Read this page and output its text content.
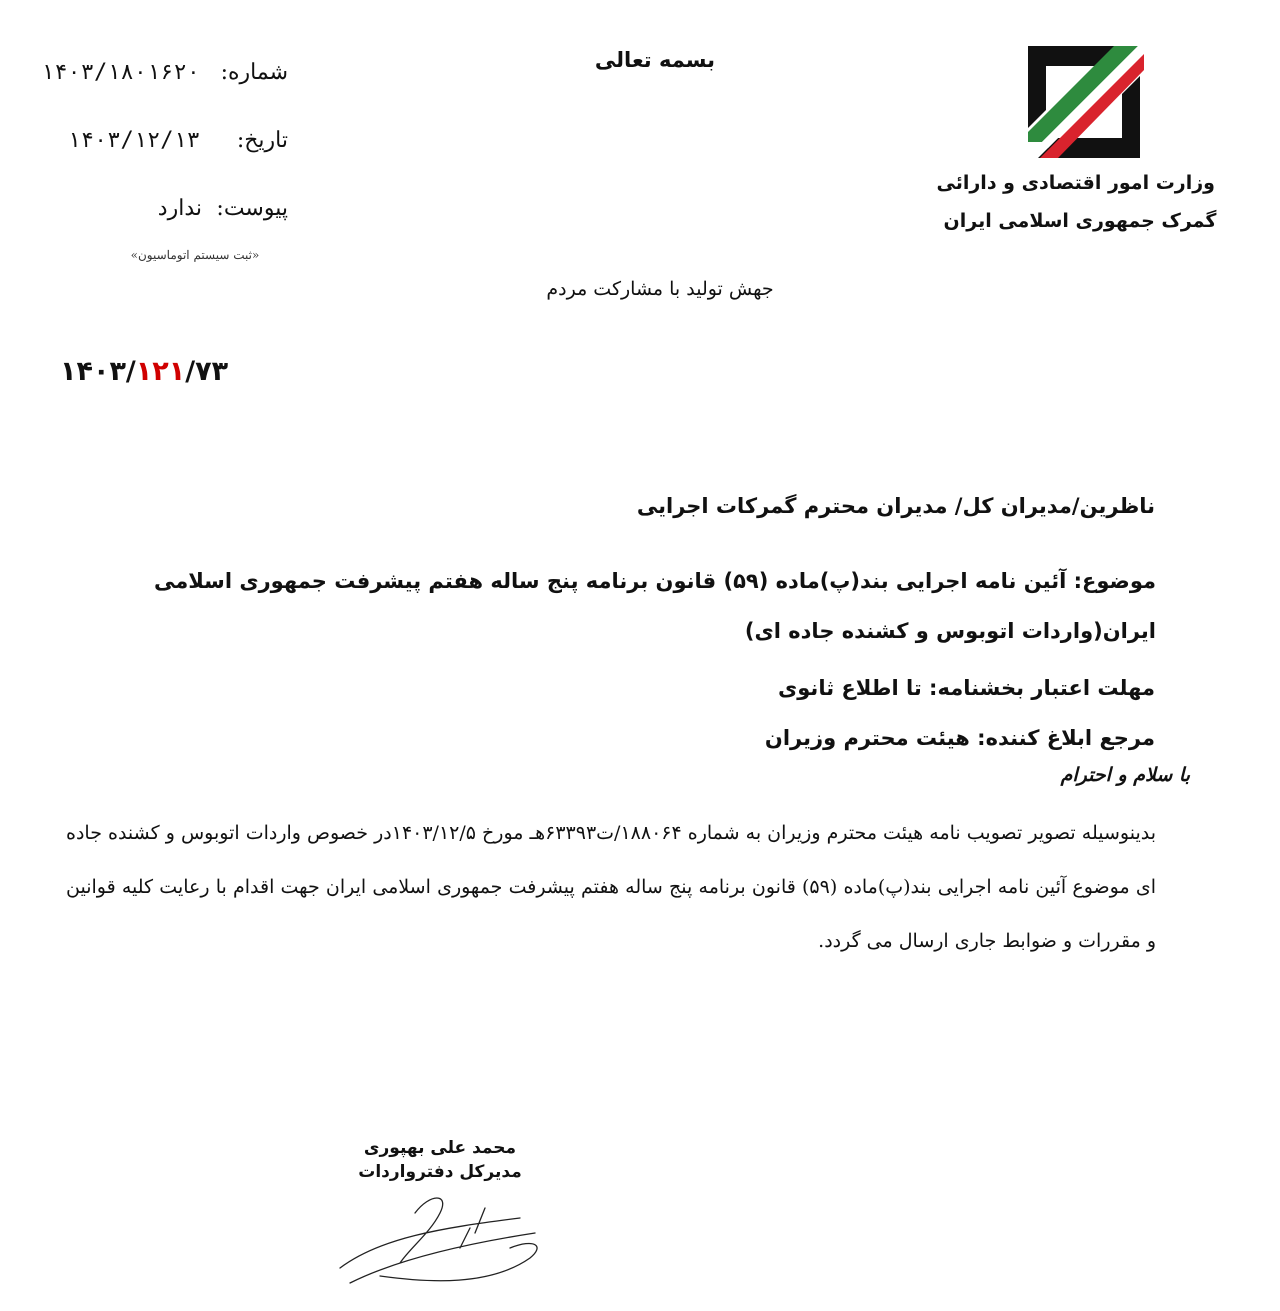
وزارت امور اقتصادی و دارائی
گمرک جمهوری اسلامی ایران
بسمه تعالی
جهش تولید با مشارکت مردم
شماره:
۱۴۰۳/۱۸۰۱۶۲۰
تاریخ:
۱۴۰۳/۱۲/۱۳
پیوست:
ندارد
«ثبت سیستم اتوماسیون»
۱۴۰۳/۱۲۱/۷۳
ناظرین/مدیران کل/ مدیران محترم گمرکات اجرایی
موضوع: آئین نامه اجرایی بند(پ)ماده (۵۹) قانون برنامه پنج ساله هفتم پیشرفت جمهوری اسلامی ایران(واردات اتوبوس و کشنده جاده ای)
مهلت اعتبار بخشنامه: تا اطلاع ثانوی
مرجع ابلاغ کننده: هیئت محترم وزیران
با سلام و احترام
بدینوسیله تصویر تصویب نامه هیئت محترم وزیران به شماره ۱۸۸۰۶۴/ت۶۳۳۹۳هـ مورخ ۱۴۰۳/۱۲/۵در خصوص واردات اتوبوس و کشنده جاده ای موضوع آئین نامه اجرایی بند(پ)ماده (۵۹) قانون برنامه پنج ساله هفتم پیشرفت جمهوری اسلامی ایران جهت اقدام با رعایت کلیه قوانین و مقررات و ضوابط جاری ارسال می گردد.
محمد علی بهپوری
مدیرکل دفترواردات
